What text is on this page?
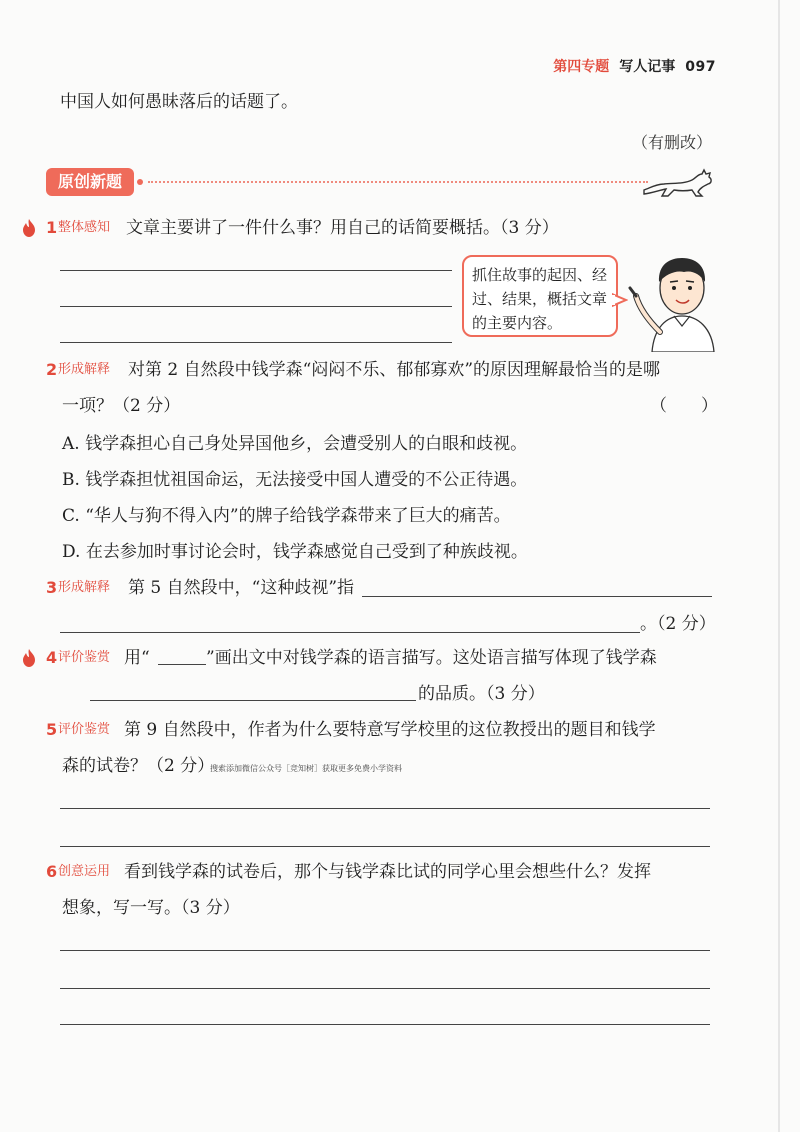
第四专题 写人记事 097
中国人如何愚昧落后的话题了。
（有删改）
原创新题
1 整体感知 文章主要讲了一件什么事？用自己的话简要概括。（3 分）
抓住故事的起因、经过、结果，概括文章的主要内容。
2 形成解释 对第 2 自然段中钱学森“闷闷不乐、郁郁寡欢”的原因理解最恰当的是哪
一项？（2 分）	（　　）
A. 钱学森担心自己身处异国他乡，会遭受别人的白眼和歧视。
B. 钱学森担忧祖国命运，无法接受中国人遭受的不公正待遇。
C. “华人与狗不得入内”的牌子给钱学森带来了巨大的痛苦。
D. 在去参加时事讨论会时，钱学森感觉自己受到了种族歧视。
3 形成解释 第 5 自然段中，“这种歧视”指
。（2 分）
4 评价鉴赏 用“	”画出文中对钱学森的语言描写。这处语言描写体现了钱学森
的品质。（3 分）
5 评价鉴赏 第 9 自然段中，作者为什么要特意写学校里的这位教授出的题目和钱学
森的试卷？（2 分）
搜索添加微信公众号［竞知树］获取更多免费小学资料
6 创意运用 看到钱学森的试卷后，那个与钱学森比试的同学心里会想些什么？发挥
想象，写一写。（3 分）
